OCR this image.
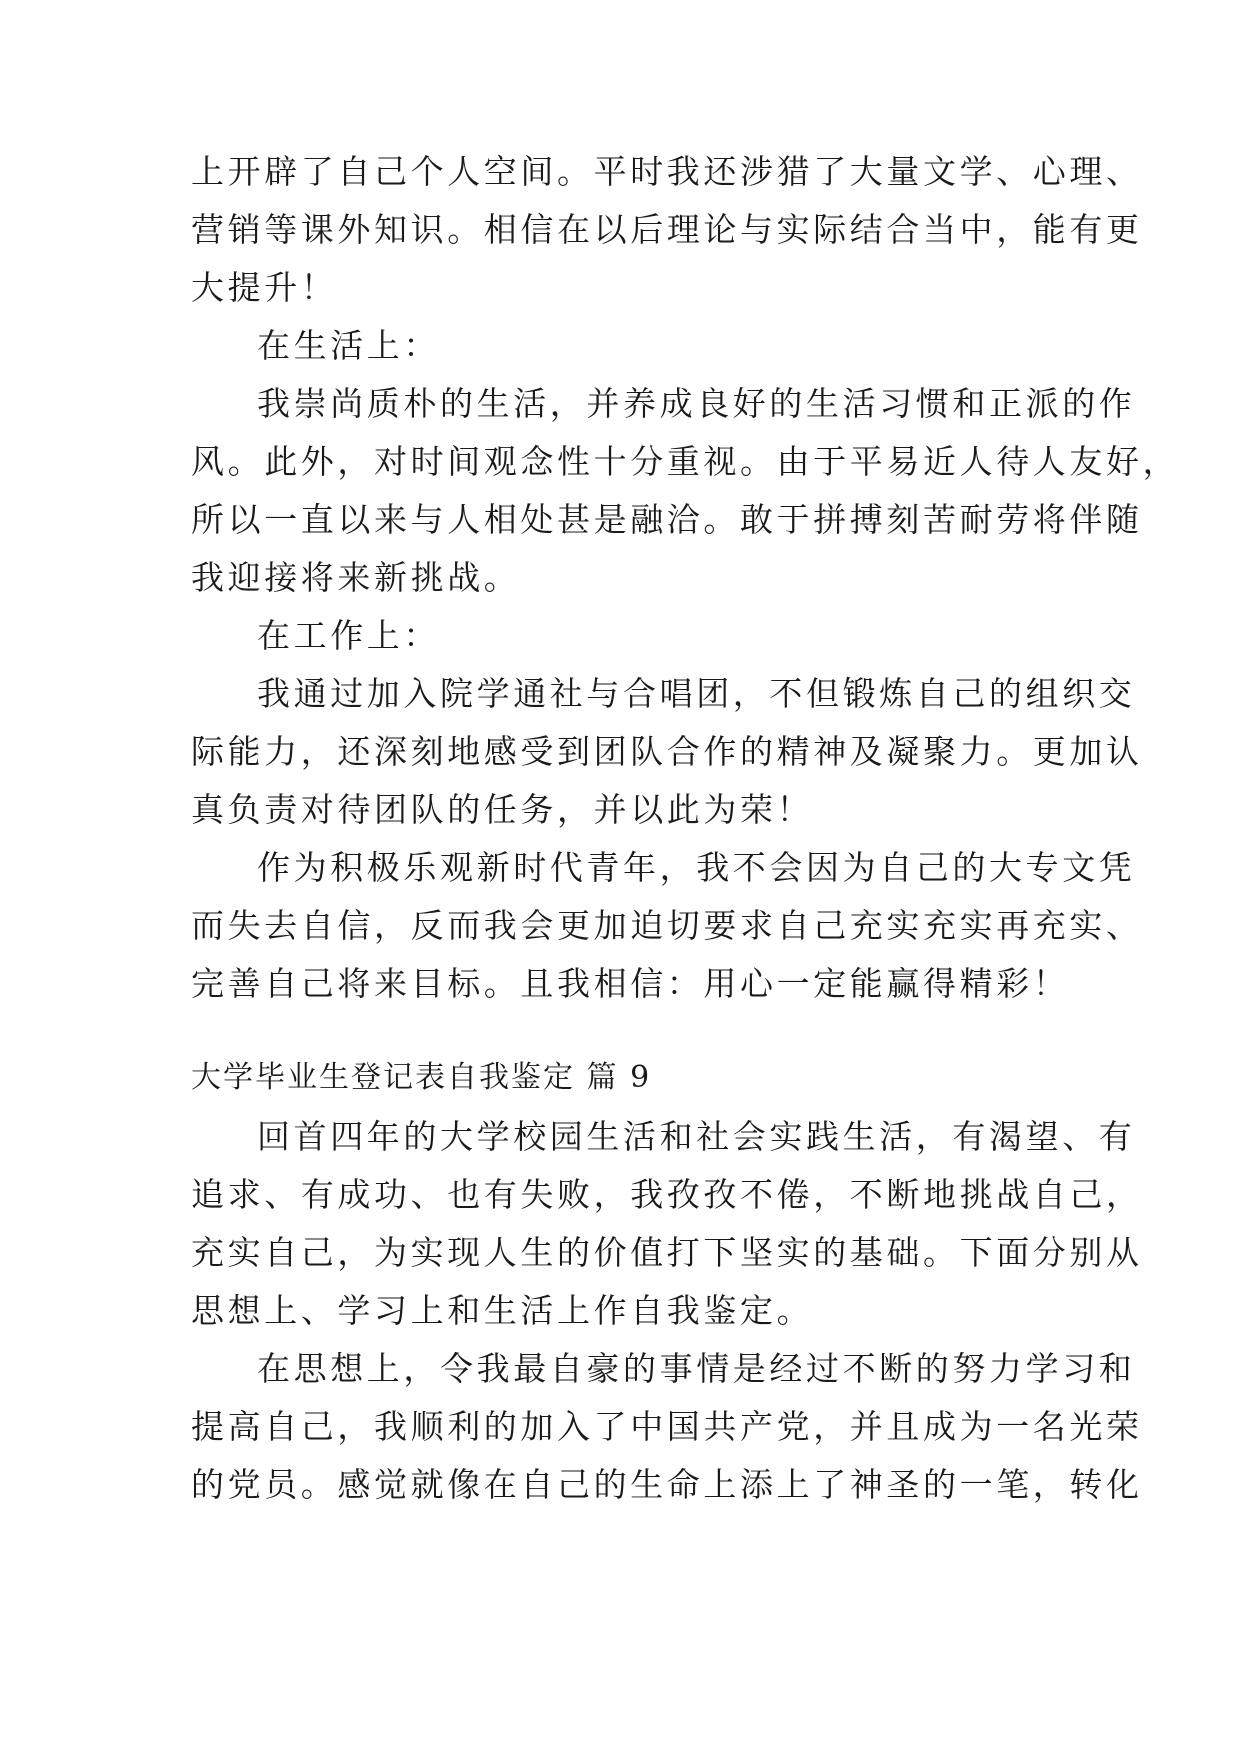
上开辟了自己个人空间。平时我还涉猎了大量文学、心理、
营销等课外知识。相信在以后理论与实际结合当中，能有更
大提升！
在生活上：
我崇尚质朴的生活，并养成良好的生活习惯和正派的作
风。此外，对时间观念性十分重视。由于平易近人待人友好，
所以一直以来与人相处甚是融洽。敢于拼搏刻苦耐劳将伴随
我迎接将来新挑战。
在工作上：
我通过加入院学通社与合唱团，不但锻炼自己的组织交
际能力，还深刻地感受到团队合作的精神及凝聚力。更加认
真负责对待团队的任务，并以此为荣！
作为积极乐观新时代青年，我不会因为自己的大专文凭
而失去自信，反而我会更加迫切要求自己充实充实再充实、
完善自己将来目标。且我相信：用心一定能赢得精彩！
大学毕业生登记表自我鉴定 篇 9
回首四年的大学校园生活和社会实践生活，有渴望、有
追求、有成功、也有失败，我孜孜不倦，不断地挑战自己，
充实自己，为实现人生的价值打下坚实的基础。下面分别从
思想上、学习上和生活上作自我鉴定。
在思想上，令我最自豪的事情是经过不断的努力学习和
提高自己，我顺利的加入了中国共产党，并且成为一名光荣
的党员。感觉就像在自己的生命上添上了神圣的一笔，转化
